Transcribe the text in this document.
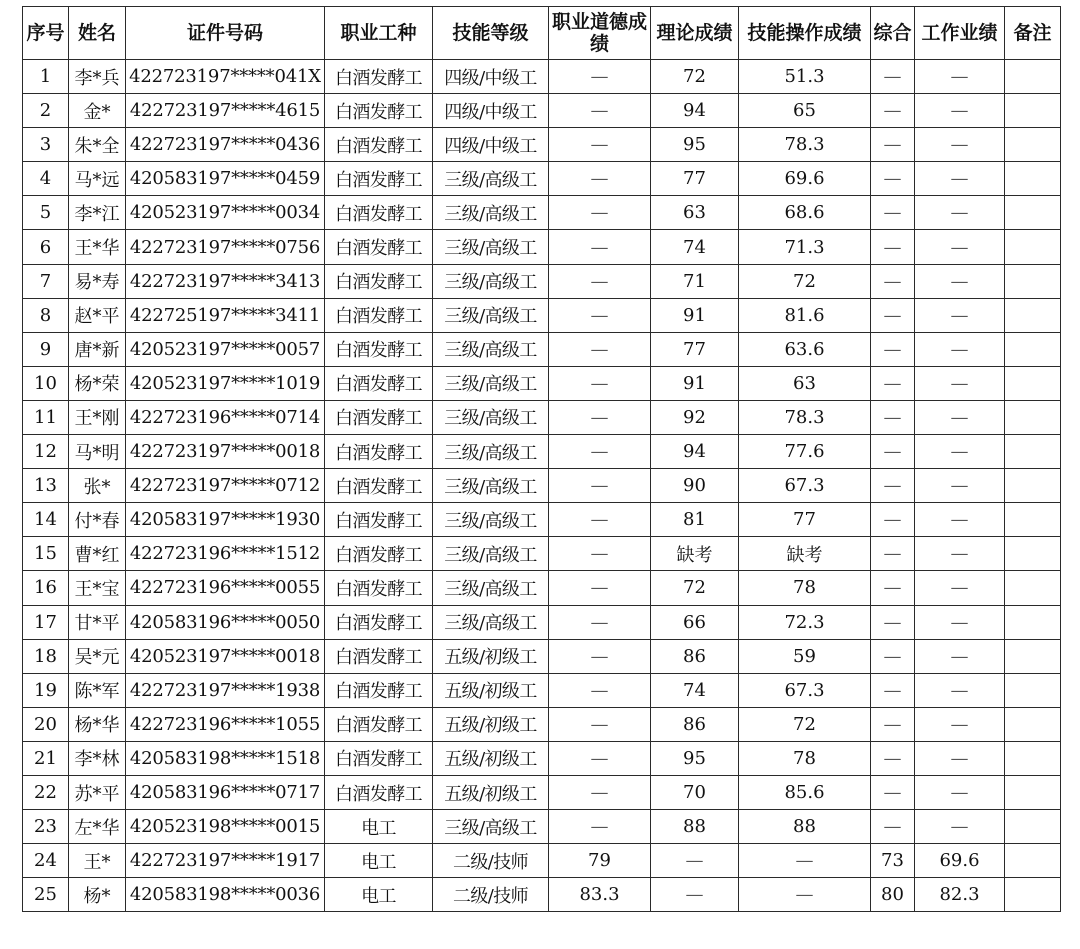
序号	姓名	证件号码	职业工种	技能等级	职业道德成绩	理论成绩	技能操作成绩	综合	工作业绩	备注
1	李*兵	422723197*****041X	白酒发酵工	四级/中级工	—	72	51.3	—	—	
2	金*	422723197*****4615	白酒发酵工	四级/中级工	—	94	65	—	—	
3	朱*全	422723197*****0436	白酒发酵工	四级/中级工	—	95	78.3	—	—	
4	马*远	420583197*****0459	白酒发酵工	三级/高级工	—	77	69.6	—	—	
5	李*江	420523197*****0034	白酒发酵工	三级/高级工	—	63	68.6	—	—	
6	王*华	422723197*****0756	白酒发酵工	三级/高级工	—	74	71.3	—	—	
7	易*寿	422723197*****3413	白酒发酵工	三级/高级工	—	71	72	—	—	
8	赵*平	422725197*****3411	白酒发酵工	三级/高级工	—	91	81.6	—	—	
9	唐*新	420523197*****0057	白酒发酵工	三级/高级工	—	77	63.6	—	—	
10	杨*荣	420523197*****1019	白酒发酵工	三级/高级工	—	91	63	—	—	
11	王*刚	422723196*****0714	白酒发酵工	三级/高级工	—	92	78.3	—	—	
12	马*明	422723197*****0018	白酒发酵工	三级/高级工	—	94	77.6	—	—	
13	张*	422723197*****0712	白酒发酵工	三级/高级工	—	90	67.3	—	—	
14	付*春	420583197*****1930	白酒发酵工	三级/高级工	—	81	77	—	—	
15	曹*红	422723196*****1512	白酒发酵工	三级/高级工	—	缺考	缺考	—	—	
16	王*宝	422723196*****0055	白酒发酵工	三级/高级工	—	72	78	—	—	
17	甘*平	420583196*****0050	白酒发酵工	三级/高级工	—	66	72.3	—	—	
18	吴*元	420523197*****0018	白酒发酵工	五级/初级工	—	86	59	—	—	
19	陈*军	422723197*****1938	白酒发酵工	五级/初级工	—	74	67.3	—	—	
20	杨*华	422723196*****1055	白酒发酵工	五级/初级工	—	86	72	—	—	
21	李*林	420583198*****1518	白酒发酵工	五级/初级工	—	95	78	—	—	
22	苏*平	420583196*****0717	白酒发酵工	五级/初级工	—	70	85.6	—	—	
23	左*华	420523198*****0015	电工	三级/高级工	—	88	88	—	—	
24	王*	422723197*****1917	电工	二级/技师	79	—	—	73	69.6	
25	杨*	420583198*****0036	电工	二级/技师	83.3	—	—	80	82.3	
